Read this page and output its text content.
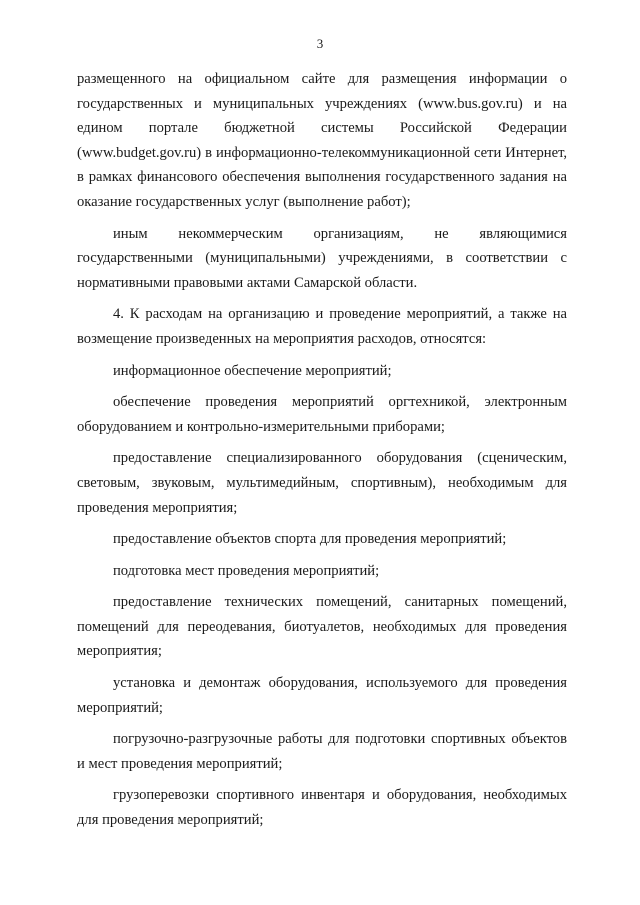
3

размещенного на официальном сайте для размещения информации о государственных и муниципальных учреждениях (www.bus.gov.ru) и на едином портале бюджетной системы Российской Федерации (www.budget.gov.ru) в информационно-телекоммуникационной сети Интернет, в рамках финансового обеспечения выполнения государственного задания на оказание государственных услуг (выполнение работ);

иным некоммерческим организациям, не являющимися государственными (муниципальными) учреждениями, в соответствии с нормативными правовыми актами Самарской области.

4. К расходам на организацию и проведение мероприятий, а также на возмещение произведенных на мероприятия расходов, относятся:

информационное обеспечение мероприятий;

обеспечение проведения мероприятий оргтехникой, электронным оборудованием и контрольно-измерительными приборами;

предоставление специализированного оборудования (сценическим, световым, звуковым, мультимедийным, спортивным), необходимым для проведения мероприятия;

предоставление объектов спорта для проведения мероприятий;

подготовка мест проведения мероприятий;

предоставление технических помещений, санитарных помещений, помещений для переодевания, биотуалетов, необходимых для проведения мероприятия;

установка и демонтаж оборудования, используемого для проведения мероприятий;

погрузочно-разгрузочные работы для подготовки спортивных объектов и мест проведения мероприятий;

грузоперевозки спортивного инвентаря и оборудования, необходимых для проведения мероприятий;
